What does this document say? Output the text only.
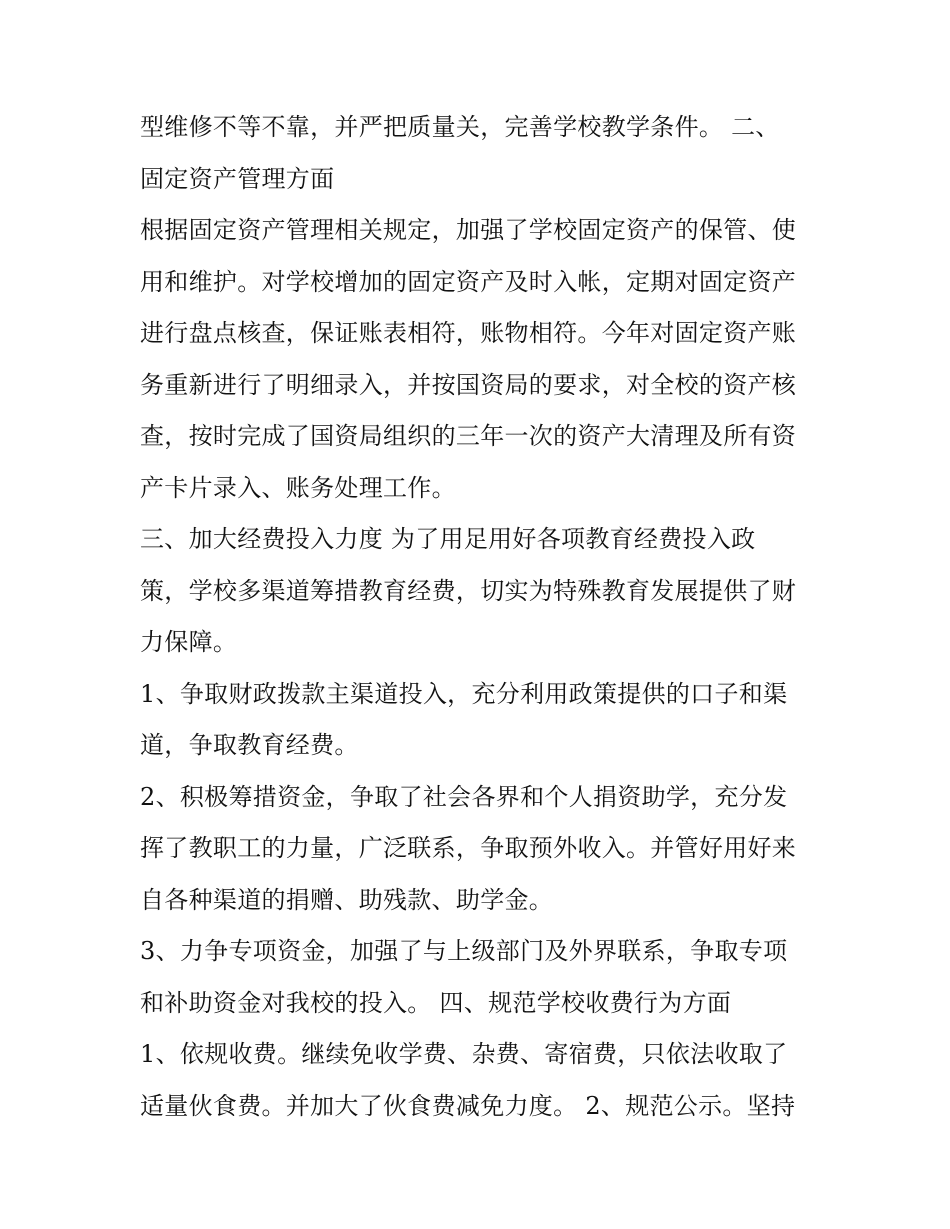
型维修不等不靠，并严把质量关，完善学校教学条件。 二、
固定资产管理方面
根据固定资产管理相关规定，加强了学校固定资产的保管、使
用和维护。对学校增加的固定资产及时入帐，定期对固定资产
进行盘点核查，保证账表相符，账物相符。今年对固定资产账
务重新进行了明细录入，并按国资局的要求，对全校的资产核
查，按时完成了国资局组织的三年一次的资产大清理及所有资
产卡片录入、账务处理工作。
三、加大经费投入力度 为了用足用好各项教育经费投入政
策，学校多渠道筹措教育经费，切实为特殊教育发展提供了财
力保障。
1、争取财政拨款主渠道投入，充分利用政策提供的口子和渠
道，争取教育经费。
2、积极筹措资金，争取了社会各界和个人捐资助学，充分发
挥了教职工的力量，广泛联系，争取预外收入。并管好用好来
自各种渠道的捐赠、助残款、助学金。
3、力争专项资金，加强了与上级部门及外界联系，争取专项
和补助资金对我校的投入。 四、规范学校收费行为方面
1、依规收费。继续免收学费、杂费、寄宿费，只依法收取了
适量伙食费。并加大了伙食费减免力度。 2、规范公示。坚持
